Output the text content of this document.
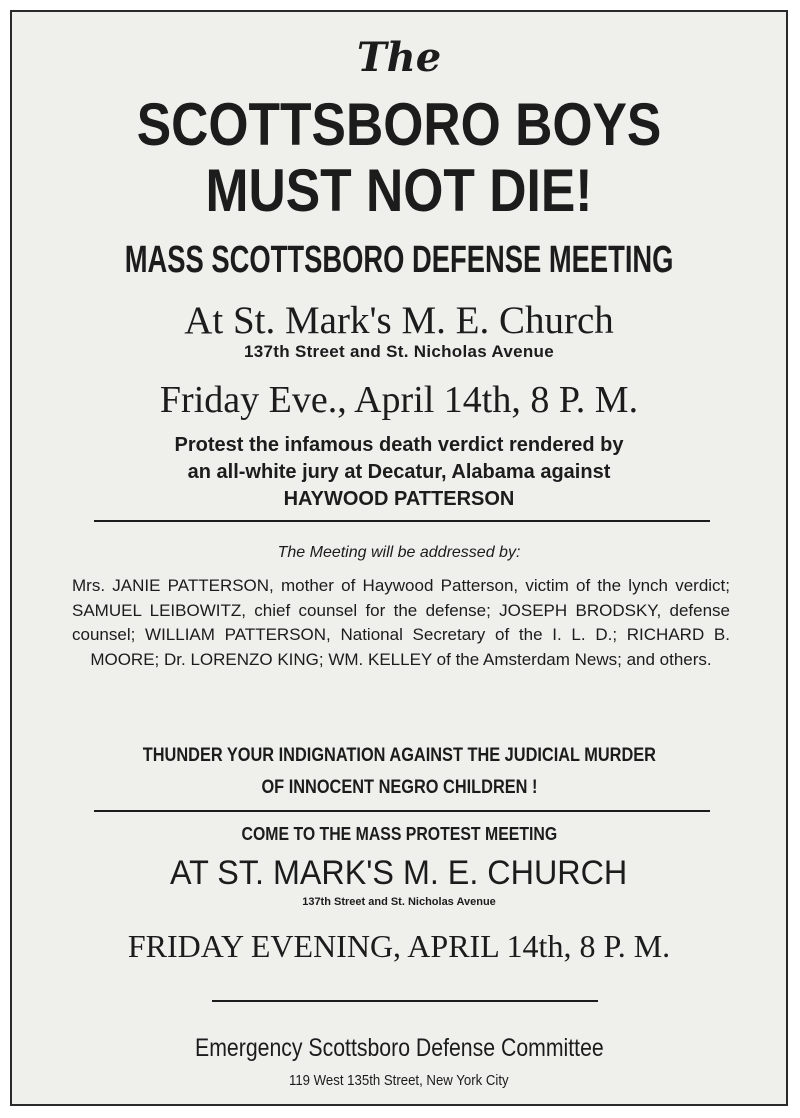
The
SCOTTSBORO BOYS
MUST NOT DIE!
MASS SCOTTSBORO DEFENSE MEETING
At St. Mark's M. E. Church
137th Street and St. Nicholas Avenue
Friday Eve., April 14th, 8 P. M.
Protest the infamous death verdict rendered by
an all-white jury at Decatur, Alabama against
HAYWOOD PATTERSON
The Meeting will be addressed by:
Mrs. JANIE PATTERSON, mother of Haywood Patterson, victim of the lynch verdict; SAMUEL LEIBOWITZ, chief counsel for the defense; JOSEPH BRODSKY, defense counsel; WILLIAM PATTERSON, National Secretary of the I. L. D.; RICHARD B. MOORE; Dr. LORENZO KING; WM. KELLEY of the Amsterdam News; and others.
THUNDER YOUR INDIGNATION AGAINST THE JUDICIAL MURDER
OF INNOCENT NEGRO CHILDREN !
COME TO THE MASS PROTEST MEETING
AT ST. MARK'S M. E. CHURCH
137th Street and St. Nicholas Avenue
FRIDAY EVENING, APRIL 14th, 8 P. M.
Emergency Scottsboro Defense Committee
119 West 135th Street, New York City
